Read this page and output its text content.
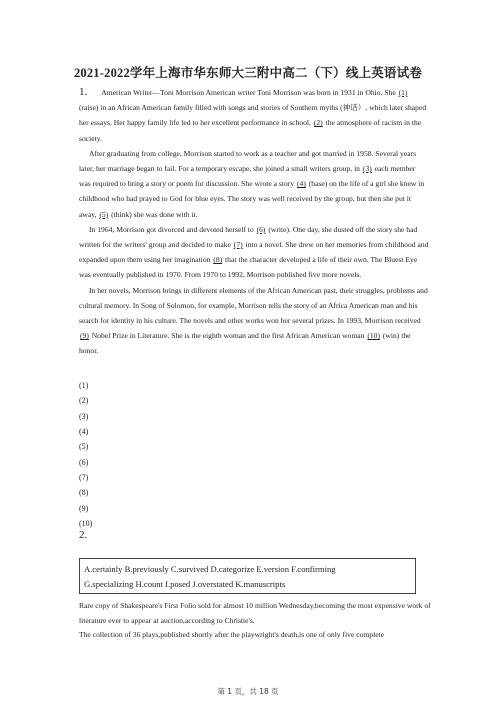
2021-2022学年上海市华东师大三附中高二（下）线上英语试卷

1. American Writer—Toni Morrison American writer Toni Morrison was born in 1931 in Ohio. She (1) (raise) in an African American family filled with songs and stories of Southern myths (神话）, which later shaped her essays. Her happy family life led to her excellent performance in school, (2) the atmosphere of racism in the society.

After graduating from college, Morrison started to work as a teacher and got married in 1958. Several years later, her marriage began to fail. For a temporary escape, she joined a small writers group, in (3) each member was required to bring a story or poem for discussion. She wrote a story (4) (base) on the life of a girl she knew in childhood who had prayed to God for blue eyes. The story was well received by the group, but then she put it away, (5) (think) she was done with it.

In 1964, Morrison got divorced and devoted herself to (6) (write). One day, she dusted off the story she had written for the writers' group and decided to make (7) into a novel. She drew on her memories from childhood and expanded upon them using her imagination (8) that the character developed a life of their own. The Bluest Eye was eventually published in 1970. From 1970 to 1992, Morrison published five more novels.

In her novels, Morrison brings in different elements of the African American past, their struggles, problems and cultural memory. In Song of Solomon, for example, Morrison tells the story of an Africa American man and his search for identity in his culture. The novels and other works won her several prizes. In 1993, Morrison received (9) Nobel Prize in Literature. She is the eighth woman and the first African American woman (10) (win) the honor.

(1)
(2)
(3)
(4)
(5)
(6)
(7)
(8)
(9)
(10)
2.
A.certainly B.previously C.survived D.categorize E.version F.confirming
G.specializing H.count I.posed J.overstated K.manuscripts
Rare copy of Shakespeare's First Folio sold for almost 10 million Wednesday,becoming the most expensive work of literature ever to appear at auction,according to Christie's.
The collection of 36 plays,published shortly after the playwright's death,is one of only five complete
第 1 页，共 18 页
